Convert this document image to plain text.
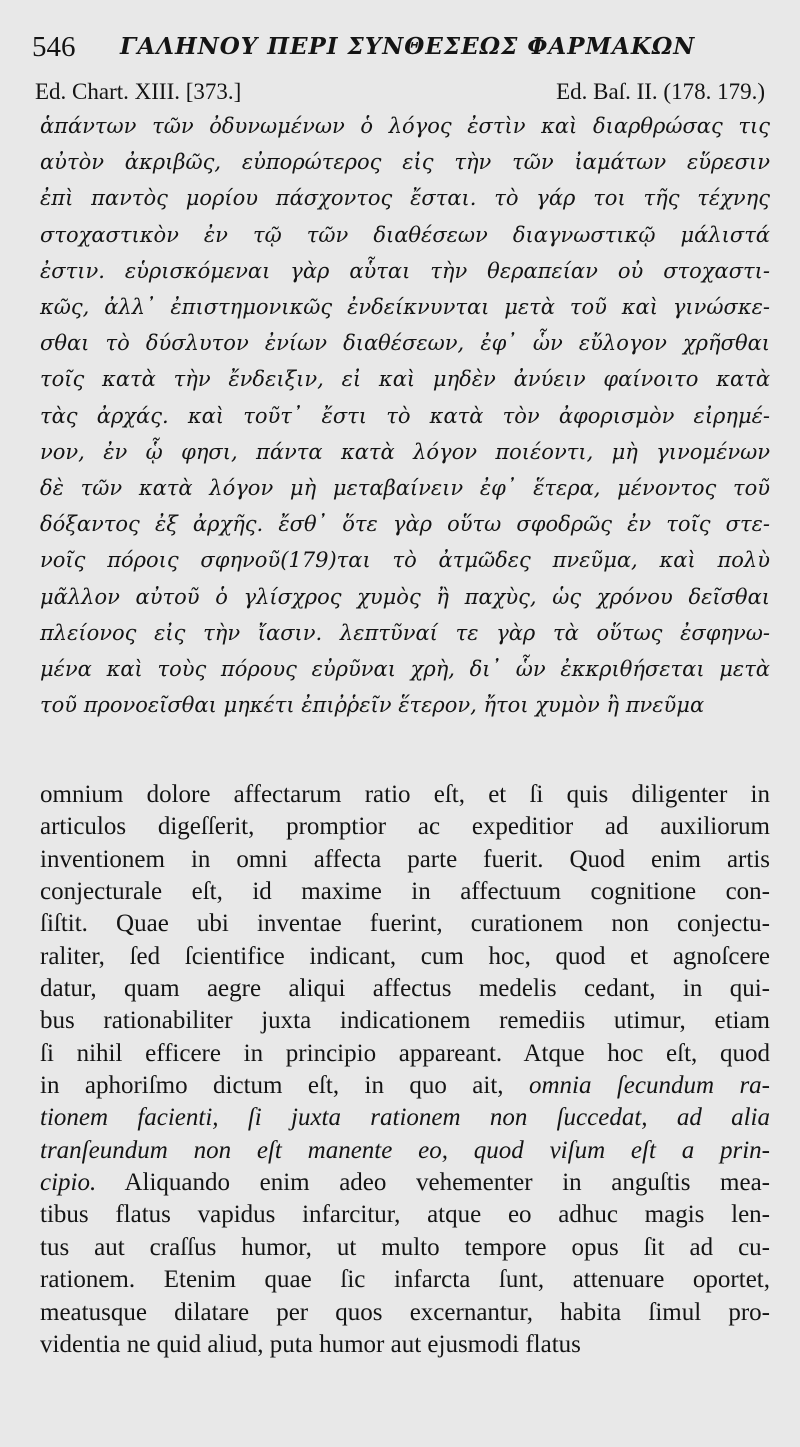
546 ΓΑΛΗΝΟΥ ΠΕΡΙ ΣΥΝΘΕΣΕΩΣ ΦΑΡΜΑΚΩΝ
Ed. Chart. XIII. [373.]	Ed. Baſ. II. (178. 179.)
ἁπάντων τῶν ὀδυνωμένων ὁ λόγος ἐστὶν καὶ διαρθρώσας τις
αὐτὸν ἀκριβῶς, εὐπορώτερος εἰς τὴν τῶν ἰαμάτων εὕρεσιν
ἐπὶ παντὸς μορίου πάσχοντος ἔσται. τὸ γάρ τοι τῆς τέχνης
στοχαστικὸν ἐν τῷ τῶν διαθέσεων διαγνωστικῷ μάλιστά
ἐστιν. εὑρισκόμεναι γὰρ αὗται τὴν θεραπείαν οὐ στοχαστι-
κῶς, ἀλλ᾽ ἐπιστημονικῶς ἐνδείκνυνται μετὰ τοῦ καὶ γινώσκε-
σθαι τὸ δύσλυτον ἐνίων διαθέσεων, ἐφ᾽ ὧν εὔλογον χρῆσθαι
τοῖς κατὰ τὴν ἔνδειξιν, εἰ καὶ μηδὲν ἀνύειν φαίνοιτο κατὰ
τὰς ἀρχάς. καὶ τοῦτ᾽ ἔστι τὸ κατὰ τὸν ἀφορισμὸν εἰρημέ-
νον, ἐν ᾧ φησι, πάντα κατὰ λόγον ποιέοντι, μὴ γινομένων
δὲ τῶν κατὰ λόγον μὴ μεταβαίνειν ἐφ᾽ ἕτερα, μένοντος τοῦ
δόξαντος ἐξ ἀρχῆς. ἔσθ᾽ ὅτε γὰρ οὕτω σφοδρῶς ἐν τοῖς στε-
νοῖς πόροις σφηνοῦ(179)ται τὸ ἀτμῶδες πνεῦμα, καὶ πολὺ
μᾶλλον αὐτοῦ ὁ γλίσχρος χυμὸς ἢ παχὺς, ὡς χρόνου δεῖσθαι
πλείονος εἰς τὴν ἴασιν. λεπτῦναί τε γὰρ τὰ οὕτως ἐσφηνω-
μένα καὶ τοὺς πόρους εὐρῦναι χρὴ, δι᾽ ὧν ἐκκριθήσεται μετὰ
τοῦ προνοεῖσθαι μηκέτι ἐπιῤῥεῖν ἕτερον, ἤτοι χυμὸν ἢ πνεῦμα
omnium dolore affectarum ratio eſt, et ſi quis diligenter in
articulos digeſſerit, promptior ac expeditior ad auxiliorum
inventionem in omni affecta parte fuerit. Quod enim artis
conjecturale eſt, id maxime in affectuum cognitione con-
ſiſtit. Quae ubi inventae fuerint, curationem non conjectu-
raliter, ſed ſcientifice indicant, cum hoc, quod et agnoſcere
datur, quam aegre aliqui affectus medelis cedant, in qui-
bus rationabiliter juxta indicationem remediis utimur, etiam
ſi nihil efficere in principio appareant. Atque hoc eſt, quod
in aphoriſmo dictum eſt, in quo ait, omnia ſecundum ra-
tionem facienti, ſi juxta rationem non ſuccedat, ad alia
tranſeundum non eſt manente eo, quod viſum eſt a prin-
cipio. Aliquando enim adeo vehementer in anguſtis mea-
tibus flatus vapidus infarcitur, atque eo adhuc magis len-
tus aut craſſus humor, ut multo tempore opus ſit ad cu-
rationem. Etenim quae ſic infarcta ſunt, attenuare oportet,
meatusque dilatare per quos excernantur, habita ſimul pro-
videntia ne quid aliud, puta humor aut ejusmodi flatus
